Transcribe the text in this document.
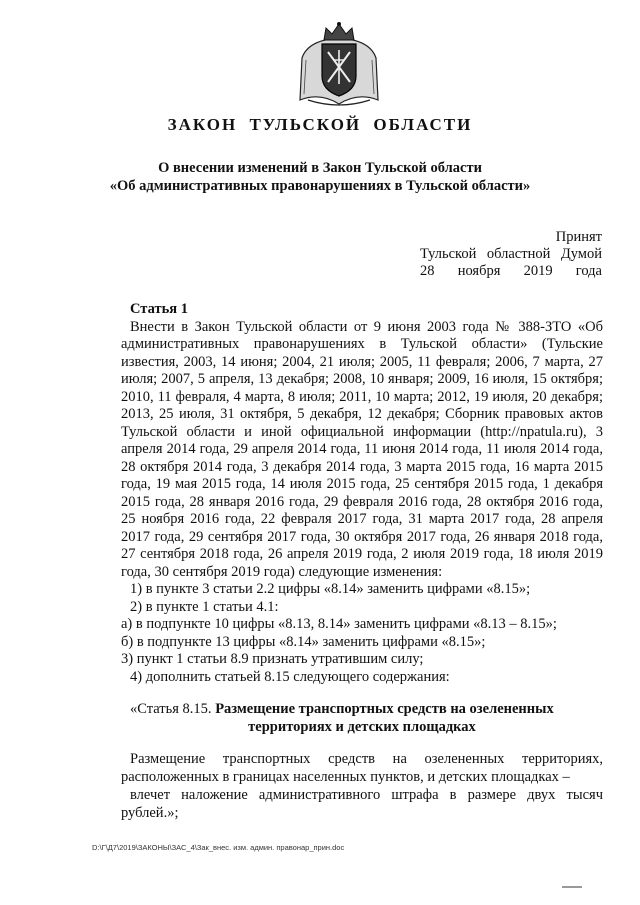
ЗАКОН ТУЛЬСКОЙ ОБЛАСТИ
О внесении изменений в Закон Тульской области
«Об административных правонарушениях в Тульской области»
Принят
Тульской областной Думой
28 ноября 2019 года
Статья 1
Внести в Закон Тульской области от 9 июня 2003 года № 388-ЗТО «Об административных правонарушениях в Тульской области» (Тульские известия, 2003, 14 июня; 2004, 21 июля; 2005, 11 февраля; 2006, 7 марта, 27 июля; 2007, 5 апреля, 13 декабря; 2008, 10 января; 2009, 16 июля, 15 октября; 2010, 11 февраля, 4 марта, 8 июля; 2011, 10 марта; 2012, 19 июля, 20 декабря; 2013, 25 июля, 31 октября, 5 декабря, 12 декабря; Сборник правовых актов Тульской области и иной официальной информации (http://npatula.ru), 3 апреля 2014 года, 29 апреля 2014 года, 11 июня 2014 года, 11 июля 2014 года, 28 октября 2014 года, 3 декабря 2014 года, 3 марта 2015 года, 16 марта 2015 года, 19 мая 2015 года, 14 июля 2015 года, 25 сентября 2015 года, 1 декабря 2015 года, 28 января 2016 года, 29 февраля 2016 года, 28 октября 2016 года, 25 ноября 2016 года, 22 февраля 2017 года, 31 марта 2017 года, 28 апреля 2017 года, 29 сентября 2017 года, 30 октября 2017 года, 26 января 2018 года, 27 сентября 2018 года, 26 апреля 2019 года, 2 июля 2019 года, 18 июля 2019 года, 30 сентября 2019 года) следующие изменения:
1) в пункте 3 статьи 2.2 цифры «8.14» заменить цифрами «8.15»;
2) в пункте 1 статьи 4.1:
а) в подпункте 10 цифры «8.13, 8.14» заменить цифрами «8.13 – 8.15»;
б) в подпункте 13 цифры «8.14» заменить цифрами «8.15»;
3) пункт 1 статьи 8.9 признать утратившим силу;
4) дополнить статьей 8.15 следующего содержания:
«Статья 8.15. Размещение транспортных средств на озелененных
территориях и детских площадках
Размещение транспортных средств на озелененных территориях, расположенных в границах населенных пунктов, и детских площадках –
влечет наложение административного штрафа в размере двух тысяч рублей.»;
D:\Г\Д7\2019\ЗАКОНЫ\ЗАС_4\Зак_внес. изм. админ. правонар_прин.doc
